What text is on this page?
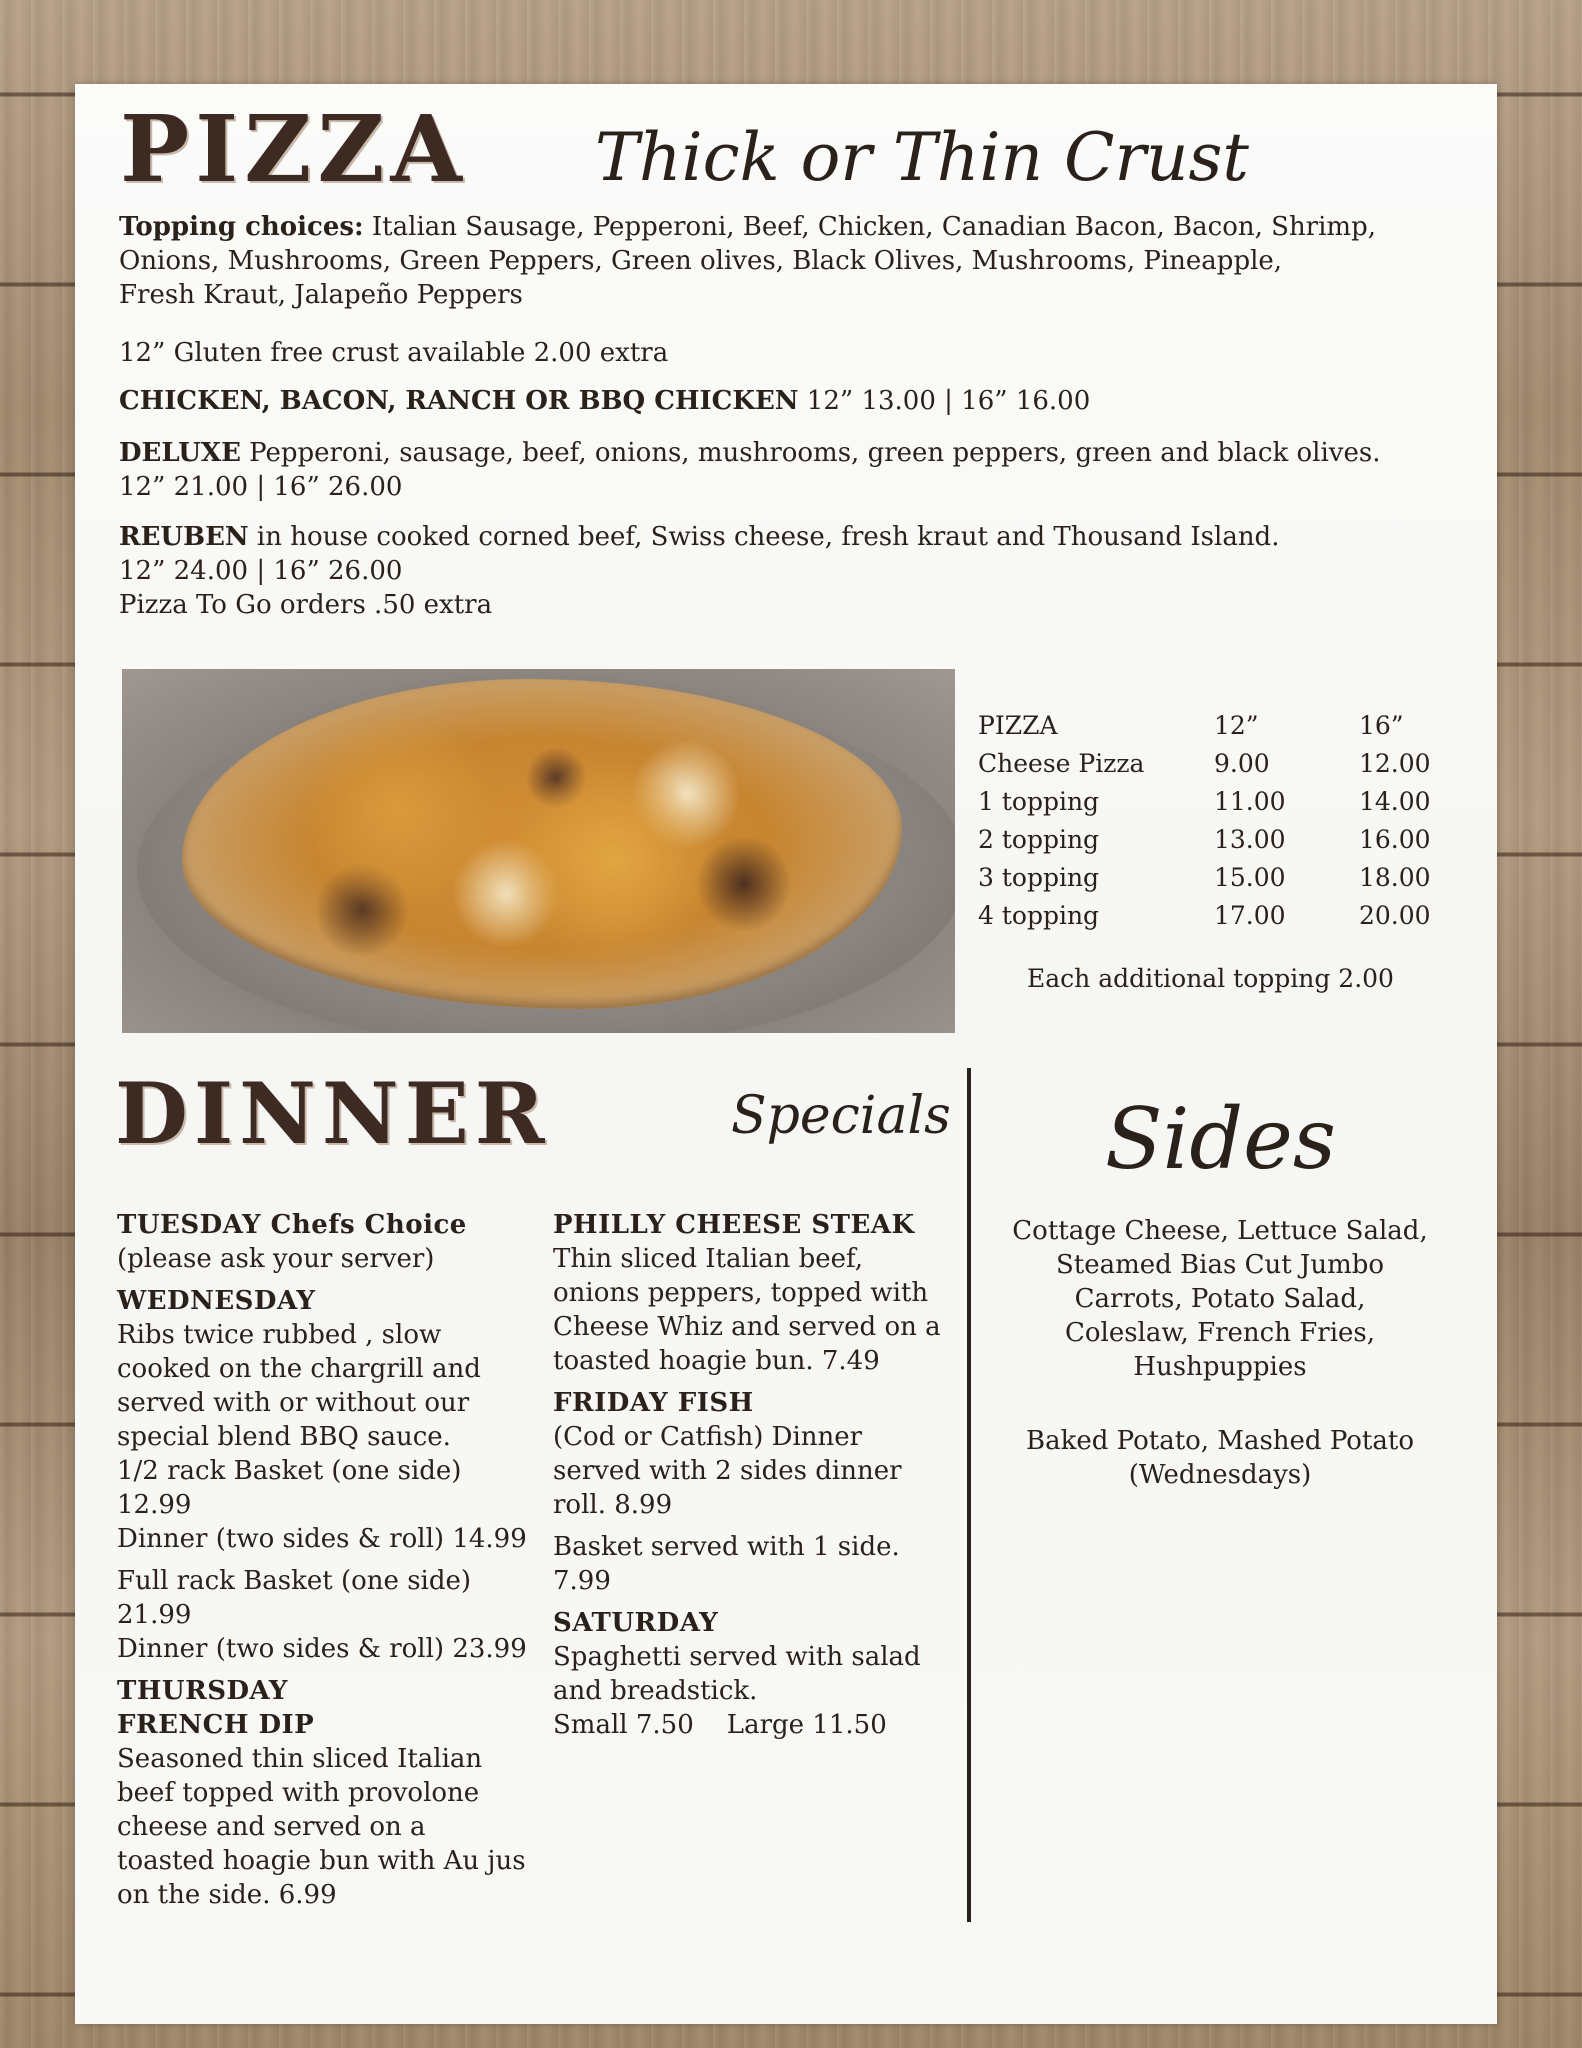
PIZZA Thick or Thin Crust
Topping choices: Italian Sausage, Pepperoni, Beef, Chicken, Canadian Bacon, Bacon, Shrimp,
Onions, Mushrooms, Green Peppers, Green olives, Black Olives, Mushrooms, Pineapple,
Fresh Kraut, Jalapeño Peppers
12” Gluten free crust available 2.00 extra
CHICKEN, BACON, RANCH OR BBQ CHICKEN 12” 13.00 | 16” 16.00
DELUXE Pepperoni, sausage, beef, onions, mushrooms, green peppers, green and black olives.
12” 21.00 | 16” 26.00
REUBEN in house cooked corned beef, Swiss cheese, fresh kraut and Thousand Island.
12” 24.00 | 16” 26.00
Pizza To Go orders .50 extra
PIZZA	12”	16”
Cheese Pizza	9.00	12.00
1 topping	11.00	14.00
2 topping	13.00	16.00
3 topping	15.00	18.00
4 topping	17.00	20.00
Each additional topping 2.00
DINNER	Specials
TUESDAY Chefs Choice
(please ask your server)
WEDNESDAY
Ribs twice rubbed , slow cooked on the chargrill and served with or without our special blend BBQ sauce.
1/2 rack Basket (one side) 12.99
Dinner (two sides & roll) 14.99
Full rack Basket (one side) 21.99
Dinner (two sides & roll) 23.99
THURSDAY
FRENCH DIP
Seasoned thin sliced Italian beef topped with provolone cheese and served on a toasted hoagie bun with Au jus on the side. 6.99
PHILLY CHEESE STEAK
Thin sliced Italian beef, onions peppers, topped with Cheese Whiz and served on a toasted hoagie bun. 7.49
FRIDAY FISH
(Cod or Catfish) Dinner served with 2 sides dinner roll. 8.99
Basket served with 1 side. 7.99
SATURDAY
Spaghetti served with salad and breadstick.
Small 7.50    Large 11.50
Sides
Cottage Cheese, Lettuce Salad, Steamed Bias Cut Jumbo Carrots, Potato Salad, Coleslaw, French Fries, Hushpuppies
Baked Potato, Mashed Potato
(Wednesdays)
